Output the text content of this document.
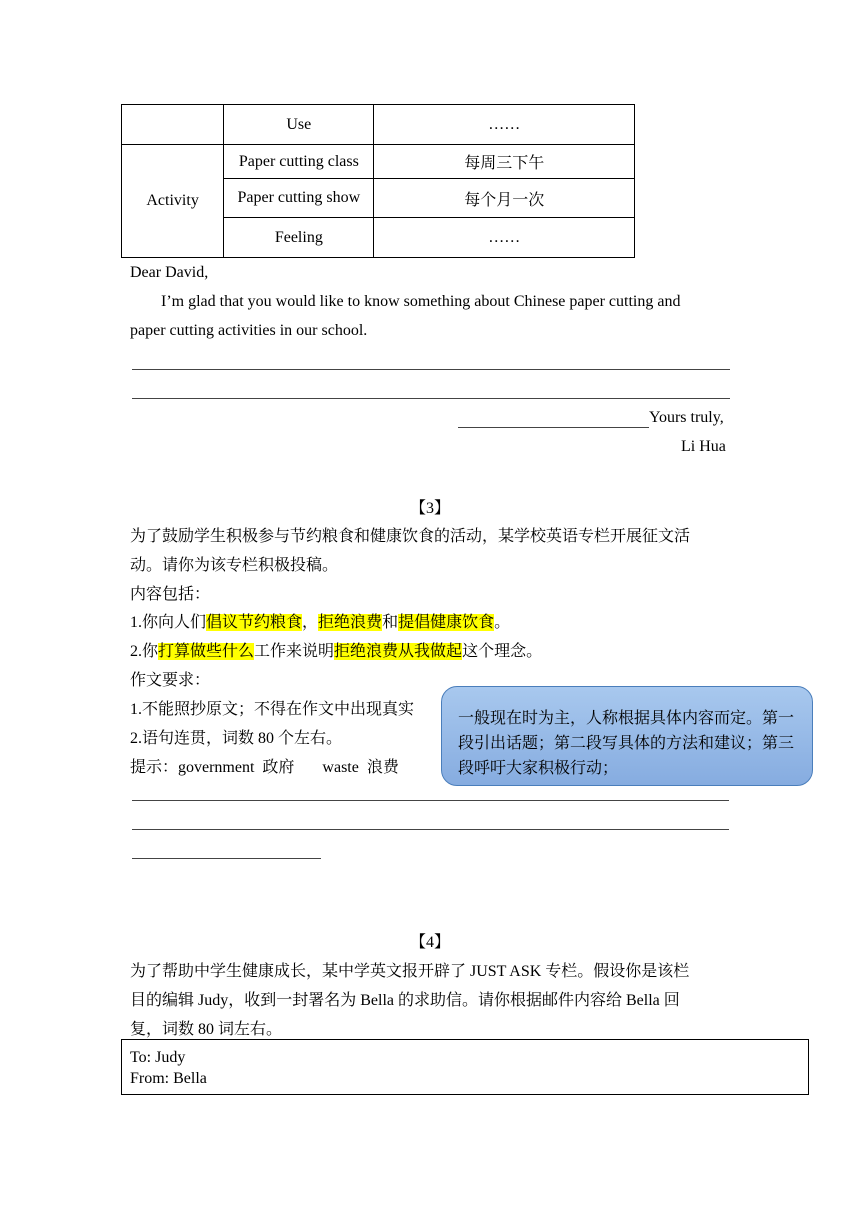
	Use	……
Activity	Paper cutting class	每周三下午
	Paper cutting show	每个月一次
	Feeling	……
Dear David,
I’m glad that you would like to know something about Chinese paper cutting and
paper cutting activities in our school.
Yours truly,
Li Hua
【3】
为了鼓励学生积极参与节约粮食和健康饮食的活动，某学校英语专栏开展征文活
动。请你为该专栏积极投稿。
内容包括：
1.你向人们倡议节约粮食，拒绝浪费和提倡健康饮食。
2.你打算做些什么工作来说明拒绝浪费从我做起这个理念。
作文要求：
1.不能照抄原文；不得在作文中出现真实
2.语句连贯，词数 80 个左右。
提示：government  政府       waste  浪费
一般现在时为主，人称根据具体内容而定。第一段引出话题；第二段写具体的方法和建议；第三段呼吁大家积极行动；
【4】
为了帮助中学生健康成长，某中学英文报开辟了 JUST ASK 专栏。假设你是该栏
目的编辑 Judy，收到一封署名为 Bella 的求助信。请你根据邮件内容给 Bella 回
复，词数 80 词左右。
To: Judy
From: Bella
